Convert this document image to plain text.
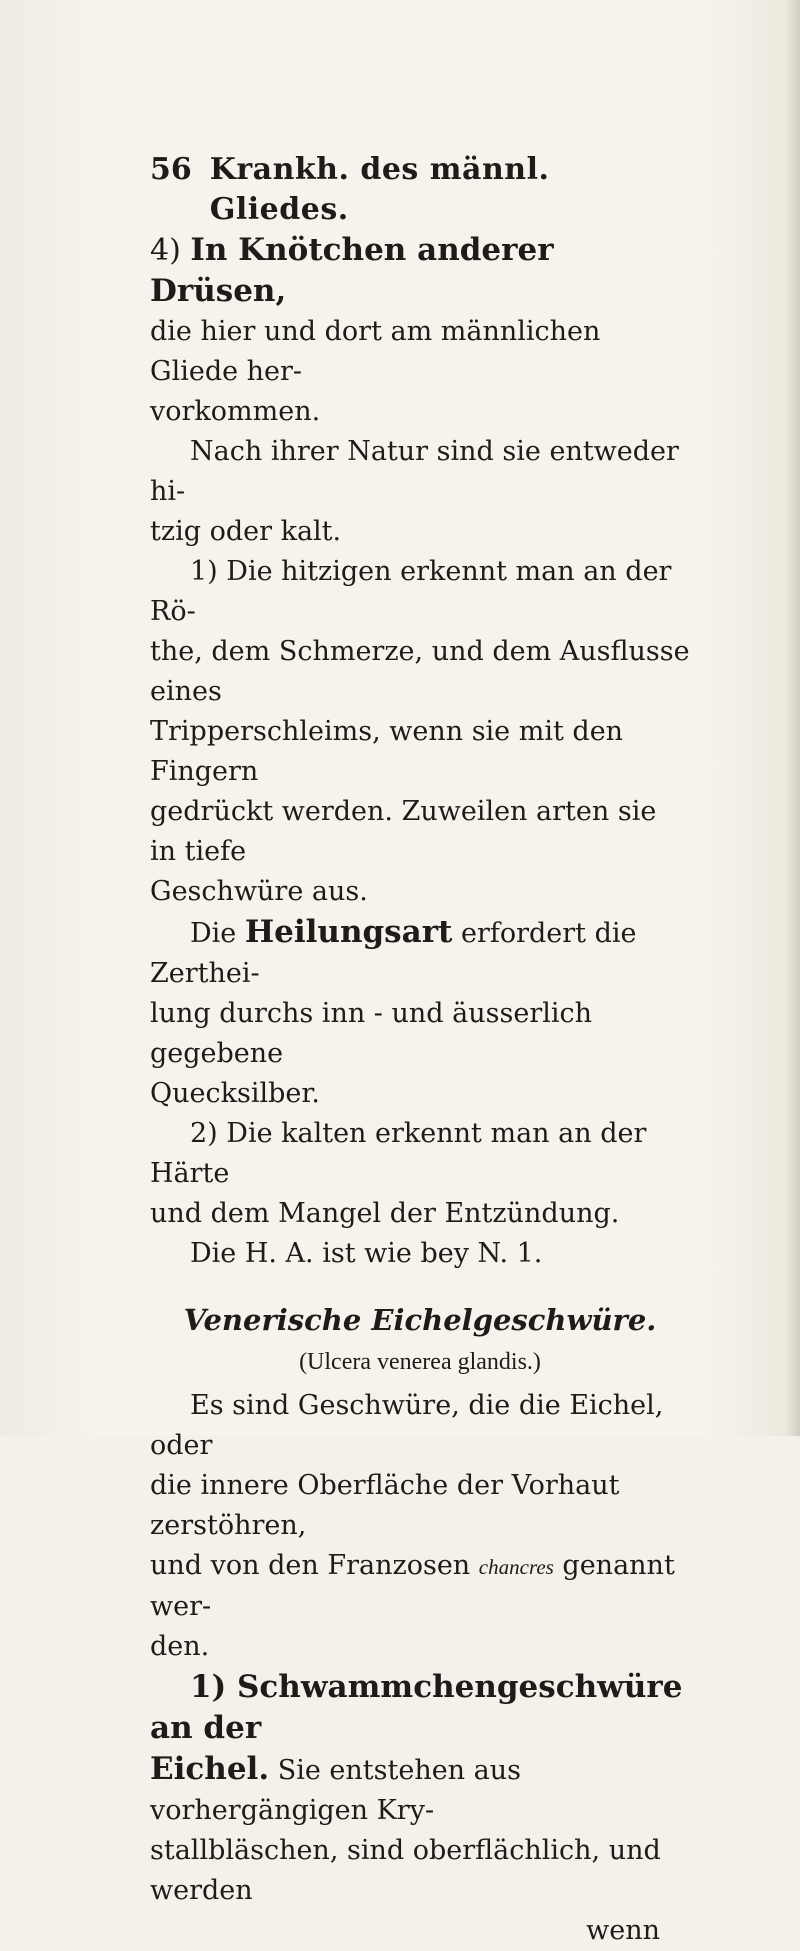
56 Krankh. des männl. Gliedes.

4) In Knötchen anderer Drüsen,

die hier und dort am männlichen Gliede her-

vorkommen.

Nach ihrer Natur sind sie entweder hi-

tzig oder kalt.

1) Die hitzigen erkennt man an der Rö-

the, dem Schmerze, und dem Ausflusse eines

Tripperschleims, wenn sie mit den Fingern

gedrückt werden. Zuweilen arten sie in tiefe

Geschwüre aus.

Die Heilungsart erfordert die Zerthei-

lung durchs inn - und äusserlich gegebene

Quecksilber.

2) Die kalten erkennt man an der Härte

und dem Mangel der Entzündung.

Die H. A. ist wie bey N. 1.

Venerische Eichelgeschwüre.

(Ulcera venerea glandis.)

Es sind Geschwüre, die die Eichel, oder

die innere Oberfläche der Vorhaut zerstöhren,

und von den Franzosen chancres genannt wer-

den.

1) Schwammchengeschwüre an der

Eichel. Sie entstehen aus vorhergängigen Kry-

stallbläschen, sind oberflächlich, und werden

wenn
